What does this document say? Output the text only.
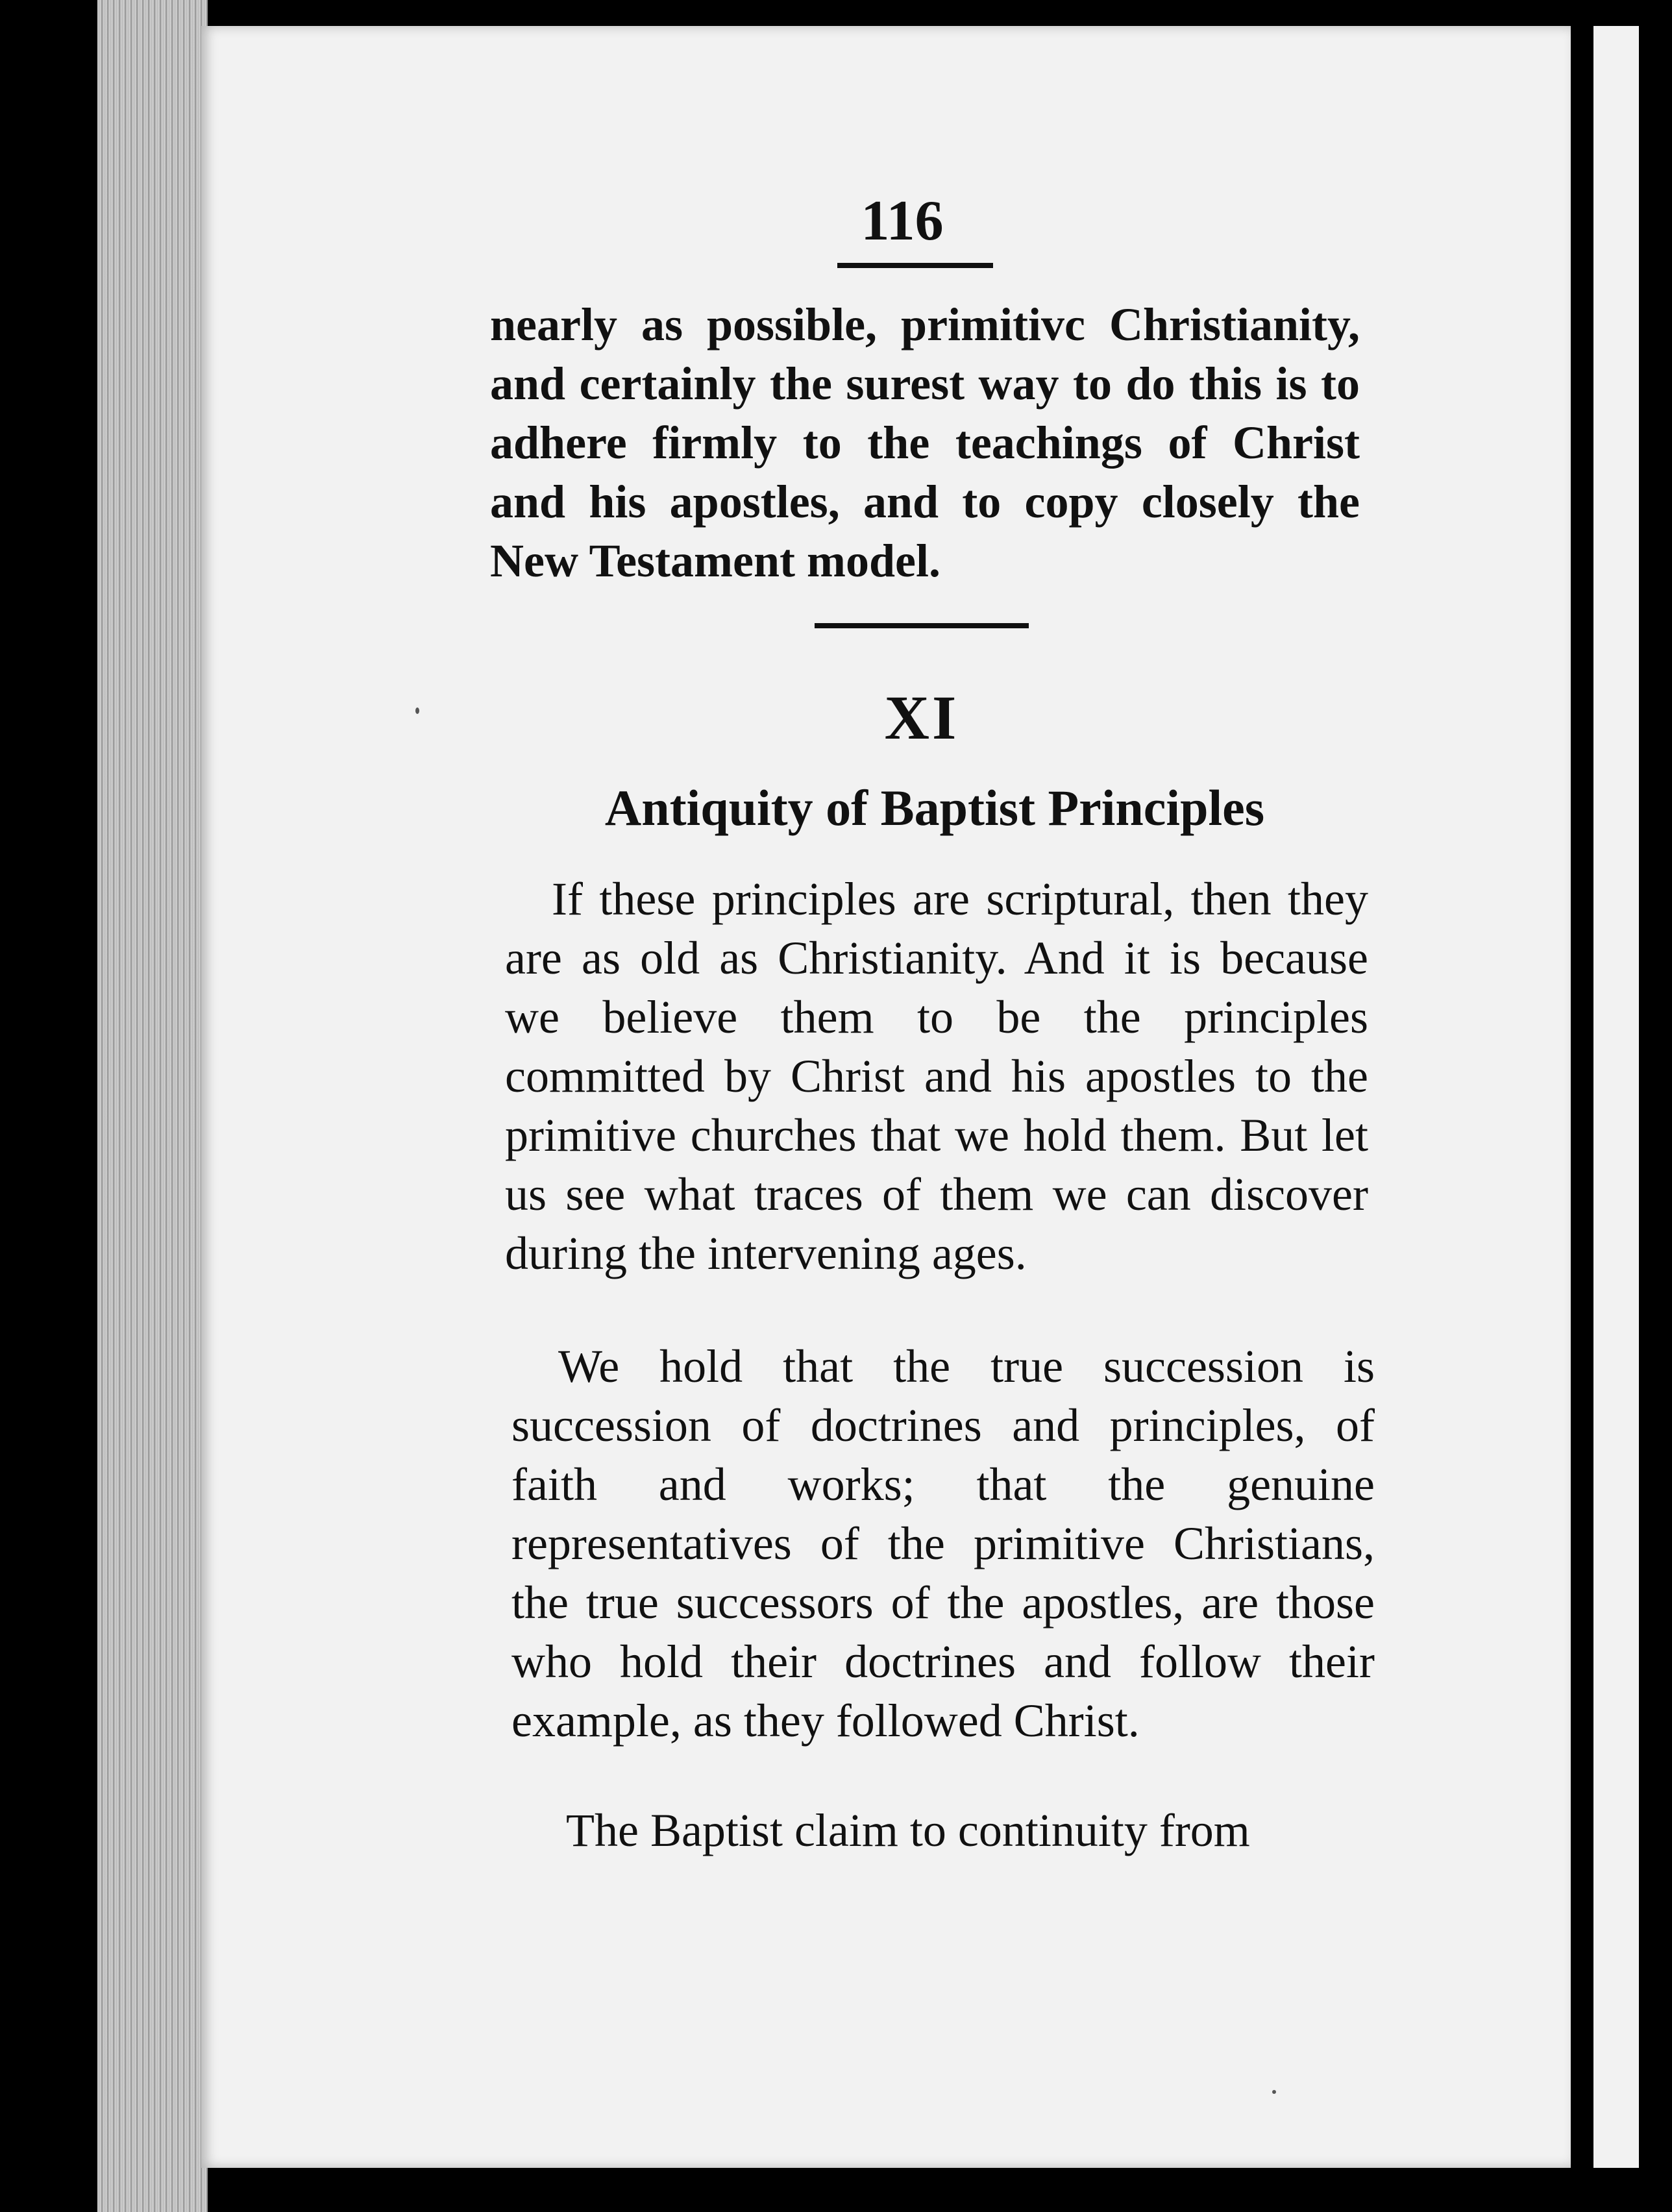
116

nearly as possible, primitivc Christianity, and certainly the surest way to do this is to adhere firmly to the teachings of Christ and his apostles, and to copy closely the New Testament model.

XI
Antiquity of Baptist Principles

If these principles are scriptural, then they are as old as Christianity. And it is because we believe them to be the principles committed by Christ and his apostles to the primitive churches that we hold them. But let us see what traces of them we can discover during the intervening ages.

We hold that the true succession is succession of doctrines and principles, of faith and works; that the genuine representatives of the primitive Christians, the true successors of the apostles, are those who hold their doctrines and follow their example, as they followed Christ.

The Baptist claim to continuity from
